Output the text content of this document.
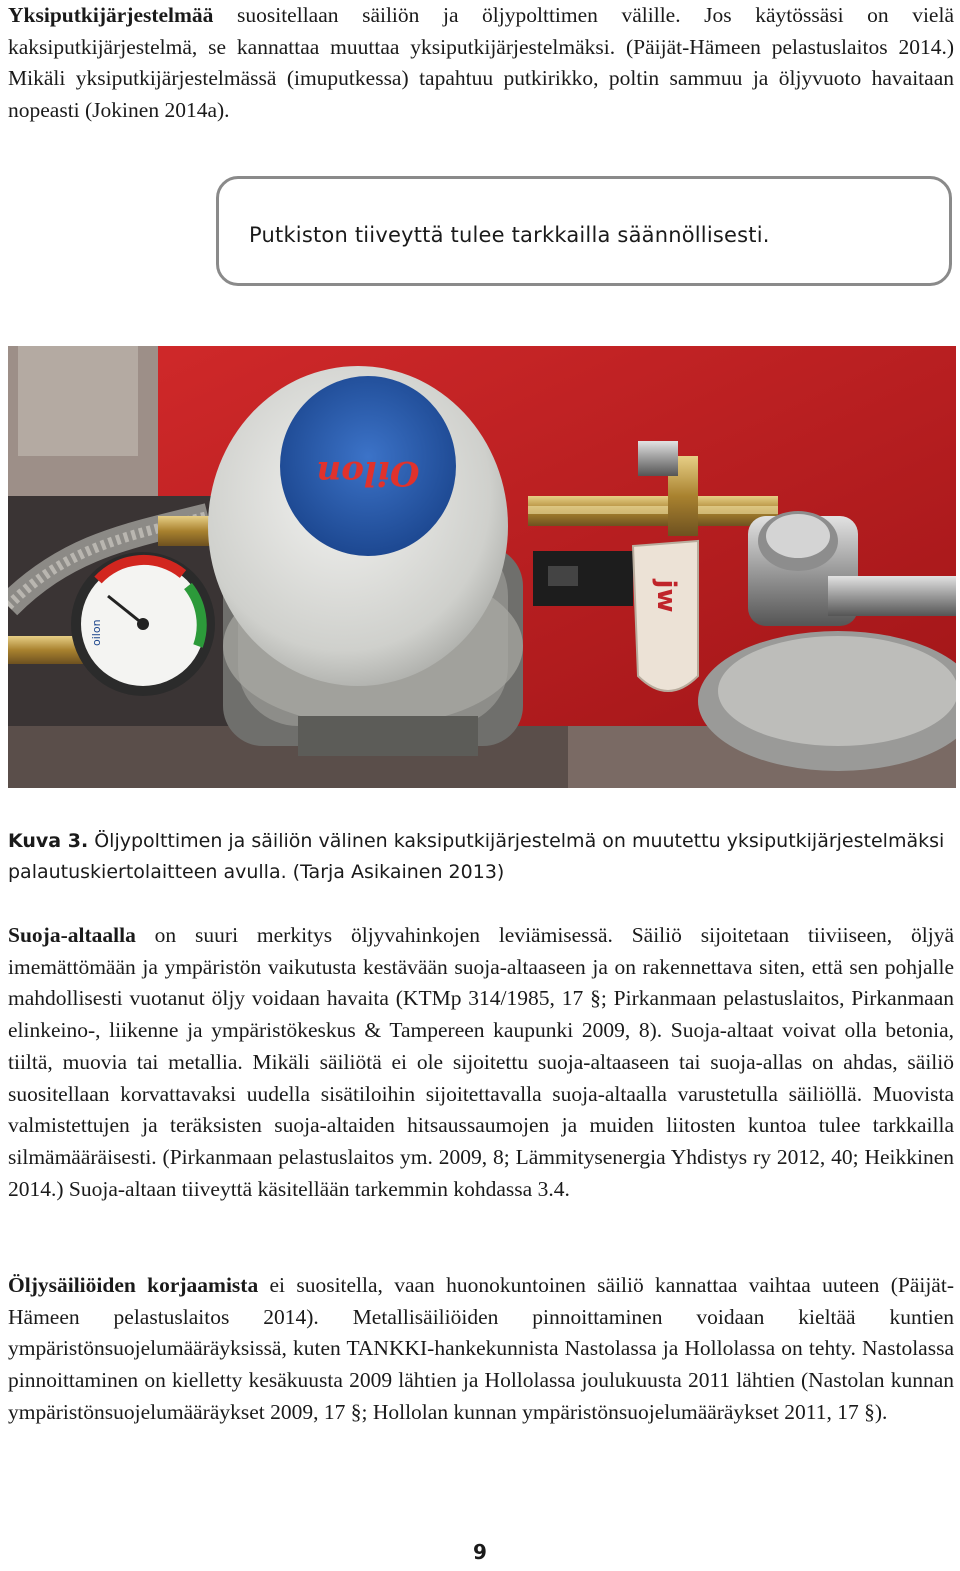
Yksiputkijärjestelmää suositellaan säiliön ja öljypolttimen välille. Jos käytössäsi on vielä kaksiputkijärjestelmä, se kannattaa muuttaa yksiputkijärjestelmäksi. (Päijät-Hämeen pelastuslaitos 2014.) Mikäli yksiputkijärjestelmässä (imuputkessa) tapahtuu putkirikko, poltin sammuu ja öljyvuoto havaitaan nopeasti (Jokinen 2014a).

Putkiston tiiveyttä tulee tarkkailla säännöllisesti.
oilon
Oilon
jw

Kuva 3. Öljypolttimen ja säiliön välinen kaksiputkijärjestelmä on muutettu yksiputkijärjestelmäksi palautuskiertolaitteen avulla. (Tarja Asikainen 2013)

Suoja-altaalla on suuri merkitys öljyvahinkojen leviämisessä. Säiliö sijoitetaan tiiviiseen, öljyä imemättömään ja ympäristön vaikutusta kestävään suoja-altaaseen ja on rakennettava siten, että sen pohjalle mahdollisesti vuotanut öljy voidaan havaita (KTMp 314/1985, 17 §; Pirkanmaan pelastuslaitos, Pirkanmaan elinkeino-, liikenne ja ympäristökeskus & Tampereen kaupunki 2009, 8). Suoja-altaat voivat olla betonia, tiiltä, muovia tai metallia. Mikäli säiliötä ei ole sijoitettu suoja-altaaseen tai suoja-allas on ahdas, säiliö suositellaan korvattavaksi uudella sisätiloihin sijoitettavalla suoja-altaalla varustetulla säiliöllä. Muovista valmistettujen ja teräksisten suoja-altaiden hitsaussaumojen ja muiden liitosten kuntoa tulee tarkkailla silmämääräisesti. (Pirkanmaan pelastuslaitos ym. 2009, 8; Lämmitysenergia Yhdistys ry 2012, 40; Heikkinen 2014.) Suoja-altaan tiiveyttä käsitellään tarkemmin kohdassa 3.4.

Öljysäiliöiden korjaamista ei suositella, vaan huonokuntoinen säiliö kannattaa vaihtaa uuteen (Päijät-Hämeen pelastuslaitos 2014). Metallisäiliöiden pinnoittaminen voidaan kieltää kuntien ympäristönsuojelumääräyksissä, kuten TANKKI-hankekunnista Nastolassa ja Hollolassa on tehty. Nastolassa pinnoittaminen on kielletty kesäkuusta 2009 lähtien ja Hollolassa joulukuusta 2011 lähtien (Nastolan kunnan ympäristönsuojelumääräykset 2009, 17 §; Hollolan kunnan ympäristönsuojelumääräykset 2011, 17 §).

9
